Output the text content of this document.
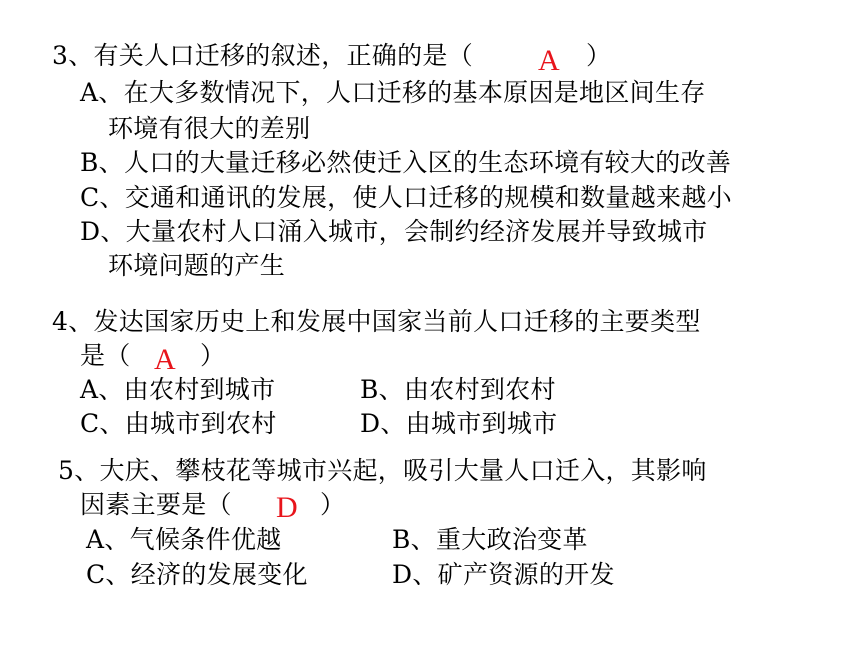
3、有关人口迁移的叙述，正确的是（ A ）
A、在大多数情况下，人口迁移的基本原因是地区间生存
环境有很大的差别
B、人口的大量迁移必然使迁入区的生态环境有较大的改善
C、交通和通讯的发展，使人口迁移的规模和数量越来越小
D、大量农村人口涌入城市，会制约经济发展并导致城市
环境问题的产生
4、发达国家历史上和发展中国家当前人口迁移的主要类型
是（ A ）
A、由农村到城市	B、由农村到农村
C、由城市到农村	D、由城市到城市
5、大庆、攀枝花等城市兴起，吸引大量人口迁入，其影响
因素主要是（ D ）
A、气候条件优越	B、重大政治变革
C、经济的发展变化	D、矿产资源的开发
